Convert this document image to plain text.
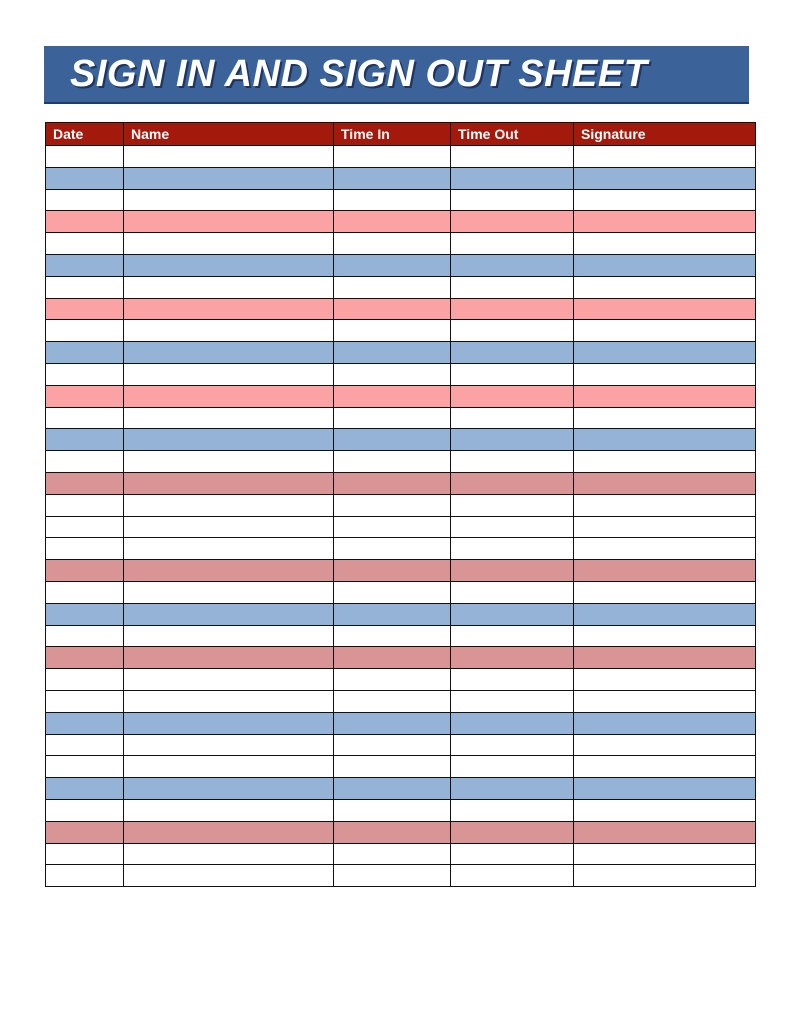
SIGN IN AND SIGN OUT SHEET
Date	Name	Time In	Time Out	Signature
